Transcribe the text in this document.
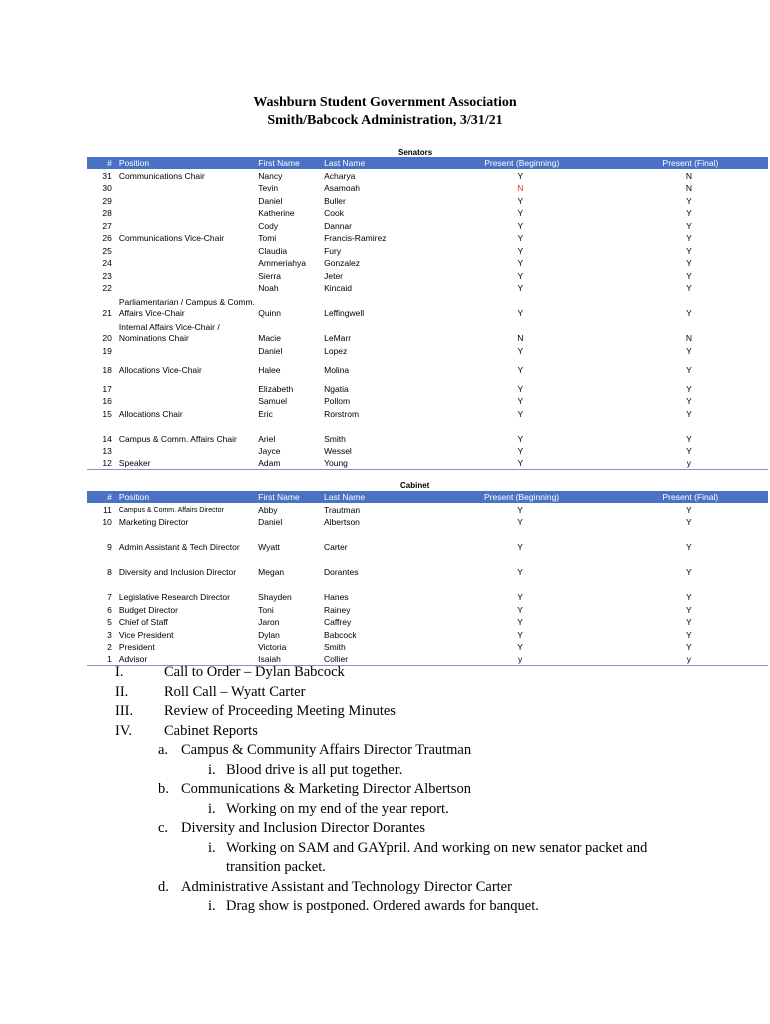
Washburn Student Government Association
Smith/Babcock Administration, 3/31/21
Senators
#	Position	First Name	Last Name	Present (Beginning)	Present (Final)
31	Communications Chair	Nancy	Acharya	Y	N
30		Tevin	Asamoah	N	N
29		Daniel	Buller	Y	Y
28		Katherine	Cook	Y	Y
27		Cody	Dannar	Y	Y
26	Communications Vice-Chair	Tomi	Francis-Ramirez	Y	Y
25		Claudia	Fury	Y	Y
24		Ammeriahya	Gonzalez	Y	Y
23		Sierra	Jeter	Y	Y
22		Noah	Kincaid	Y	Y
21	Parliamentarian / Campus & Comm. Affairs Vice-Chair	Quinn	Leffingwell	Y	Y
20	Internal Affairs Vice-Chair / Nominations Chair	Macie	LeMarr	N	N
19		Daniel	Lopez	Y	Y
18	Allocations Vice-Chair	Halee	Molina	Y	Y
17		Elizabeth	Ngatia	Y	Y
16		Samuel	Pollom	Y	Y
15	Allocations Chair	Eric	Rorstrom	Y	Y
14	Campus & Comm. Affairs Chair	Ariel	Smith	Y	Y
13		Jayce	Wessel	Y	Y
12	Speaker	Adam	Young	Y	y
Cabinet
#	Position	First Name	Last Name	Present (Beginning)	Present (Final)
11	Campus & Comm. Affairs Director	Abby	Trautman	Y	Y
10	Marketing Director	Daniel	Albertson	Y	Y
9	Admin Assistant & Tech Director	Wyatt	Carter	Y	Y
8	Diversity and Inclusion Director	Megan	Dorantes	Y	Y
7	Legislative Research Director	Shayden	Hanes	Y	Y
6	Budget Director	Toni	Rainey	Y	Y
5	Chief of Staff	Jaron	Caffrey	Y	Y
3	Vice President	Dylan	Babcock	Y	Y
2	President	Victoria	Smith	Y	Y
1	Advisor	Isaiah	Collier	y	y
I.	Call to Order – Dylan Babcock
II. Roll Call – Wyatt Carter
III. Review of Proceeding Meeting Minutes
IV. Cabinet Reports
a. Campus & Community Affairs Director Trautman
i. Blood drive is all put together.
b. Communications & Marketing Director Albertson
i. Working on my end of the year report.
c. Diversity and Inclusion Director Dorantes
i. Working on SAM and GAYpril. And working on new senator packet and
transition packet.
d. Administrative Assistant and Technology Director Carter
i. Drag show is postponed. Ordered awards for banquet.
